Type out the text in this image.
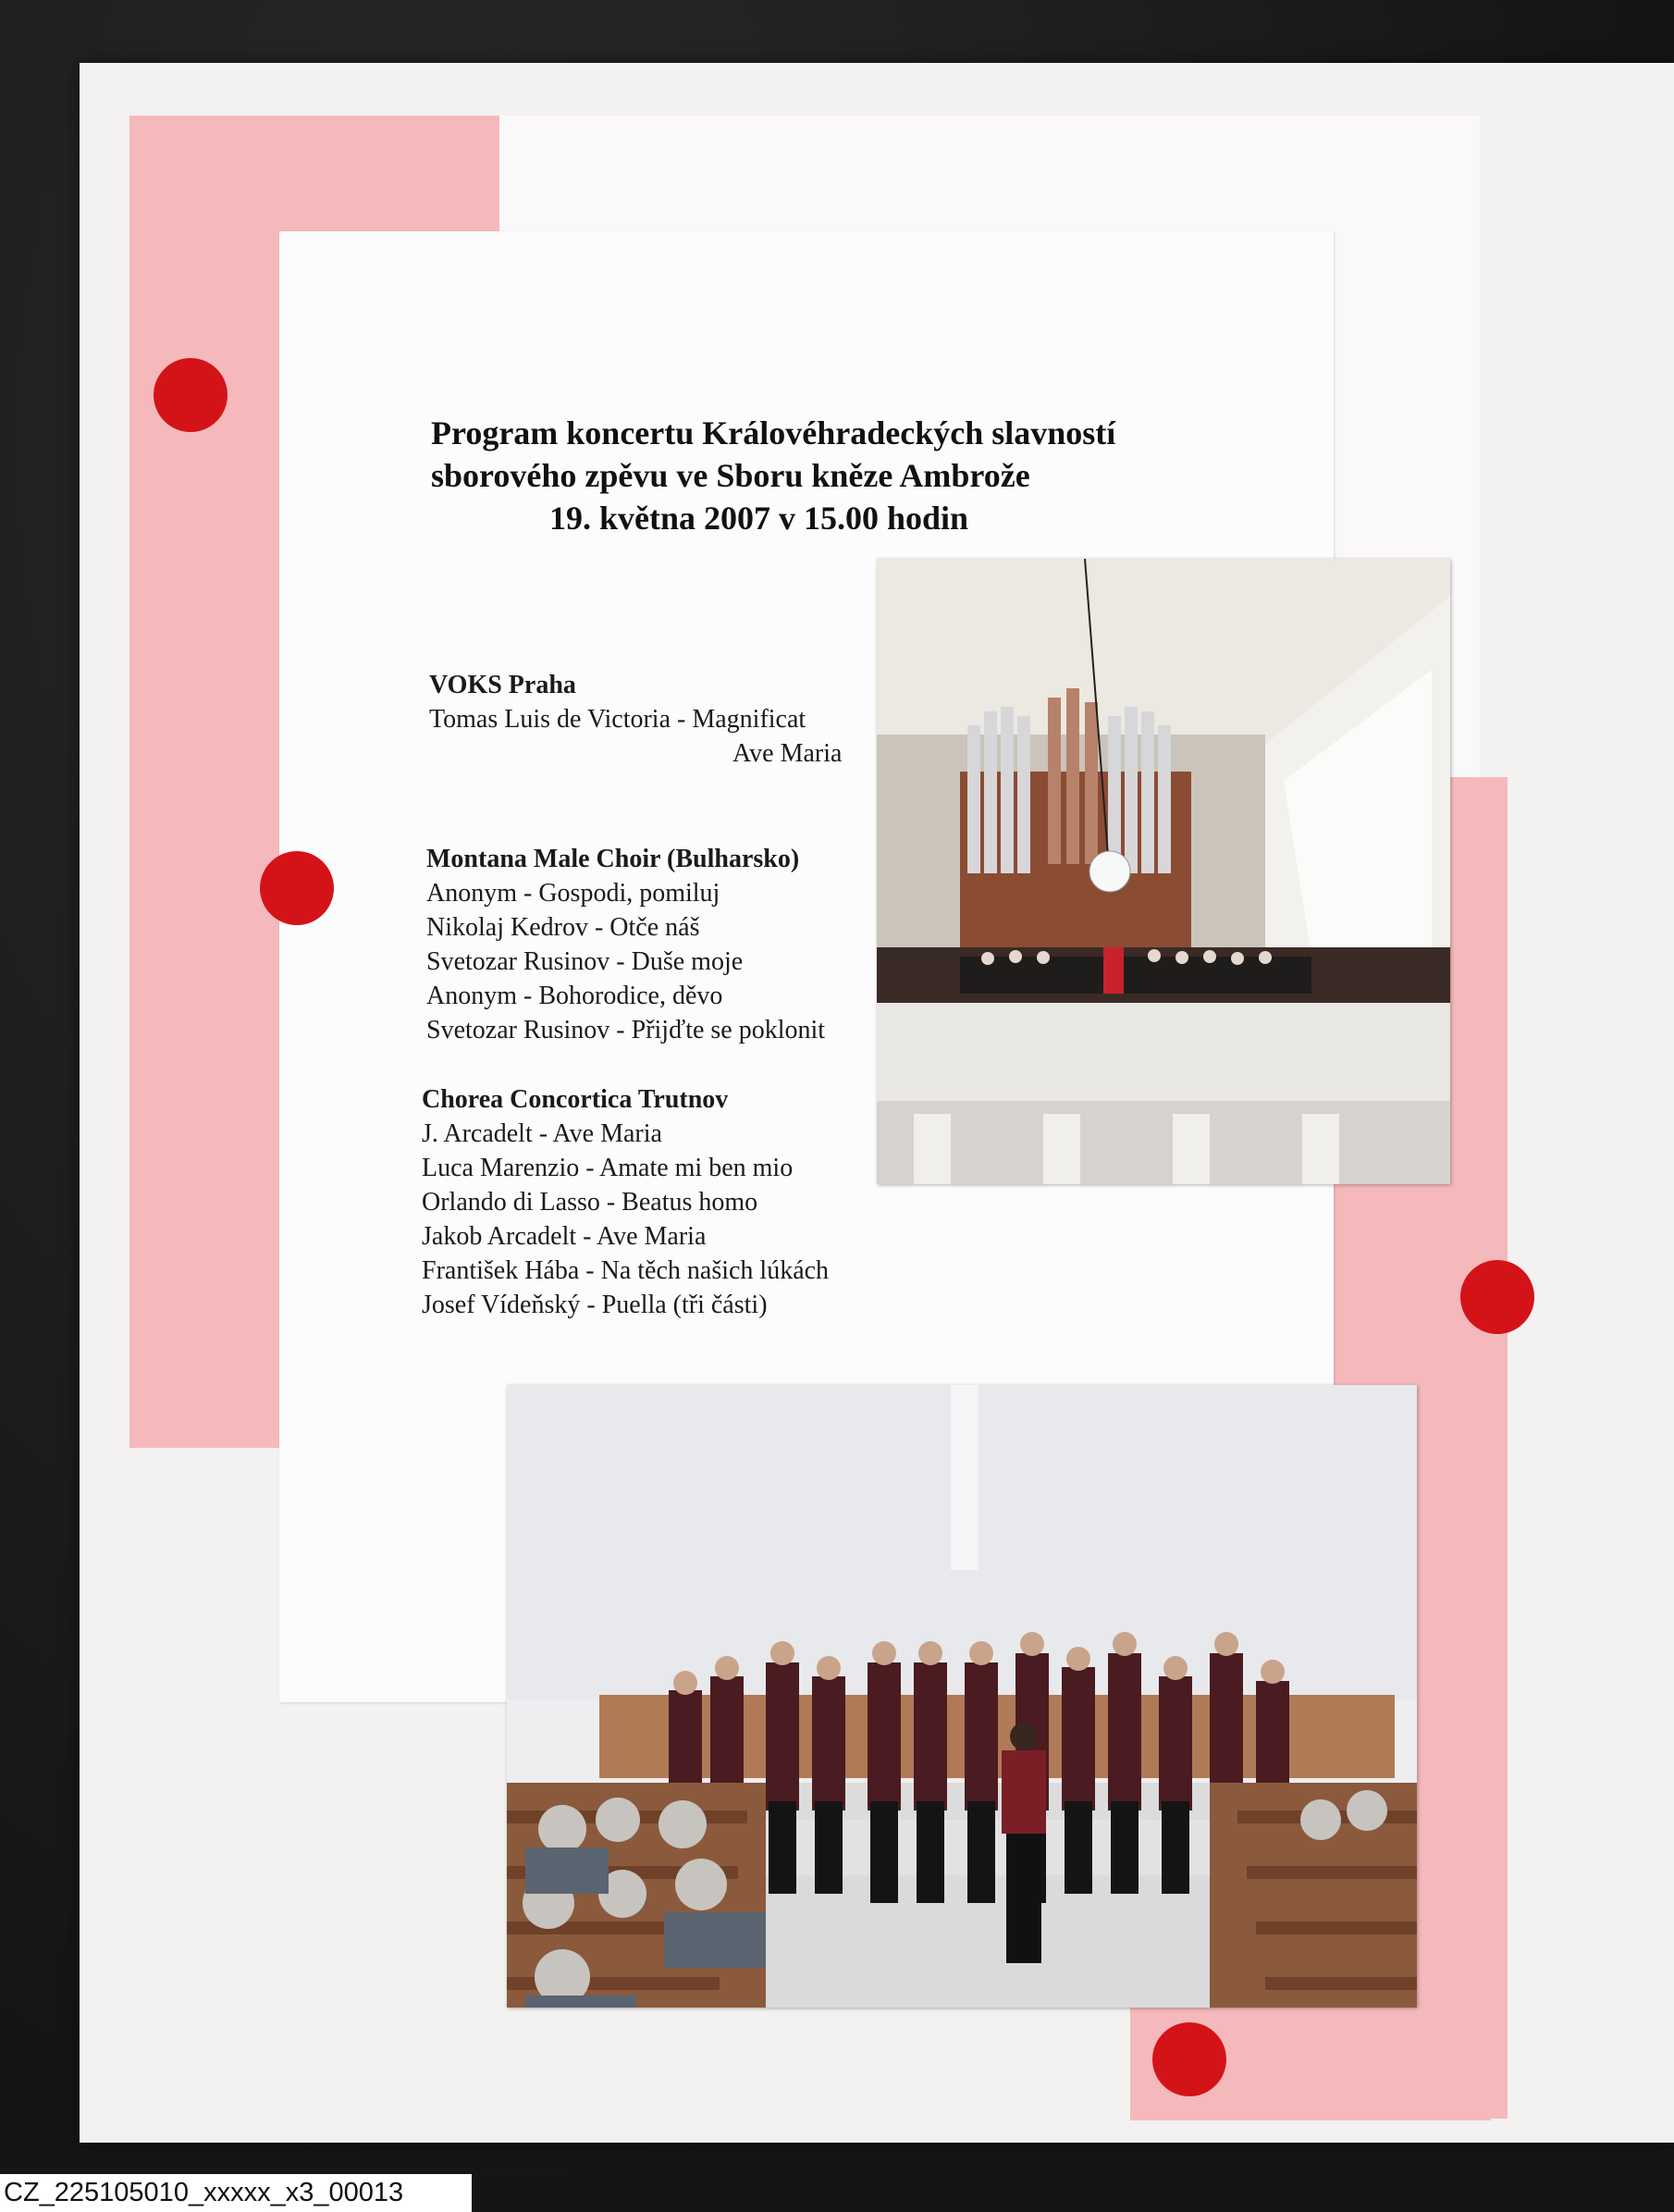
Program koncertu Královéhradeckých slavností
sborového zpěvu ve Sboru kněze Ambrože
19. května 2007 v 15.00 hodin
VOKS Praha
Tomas Luis de Victoria - Magnificat
Ave Maria
Montana Male Choir (Bulharsko)
Anonym - Gospodi, pomiluj
Nikolaj Kedrov - Otče náš
Svetozar Rusinov - Duše moje
Anonym - Bohorodice, děvo
Svetozar Rusinov - Přijďte se poklonit
Chorea Concortica Trutnov
J. Arcadelt - Ave Maria
Luca Marenzio - Amate mi ben mio
Orlando di Lasso - Beatus homo
Jakob Arcadelt - Ave Maria
František Hába - Na těch našich lúkách
Josef Vídeňský - Puella (tři části)
CZ_225105010_xxxxx_x3_00013
